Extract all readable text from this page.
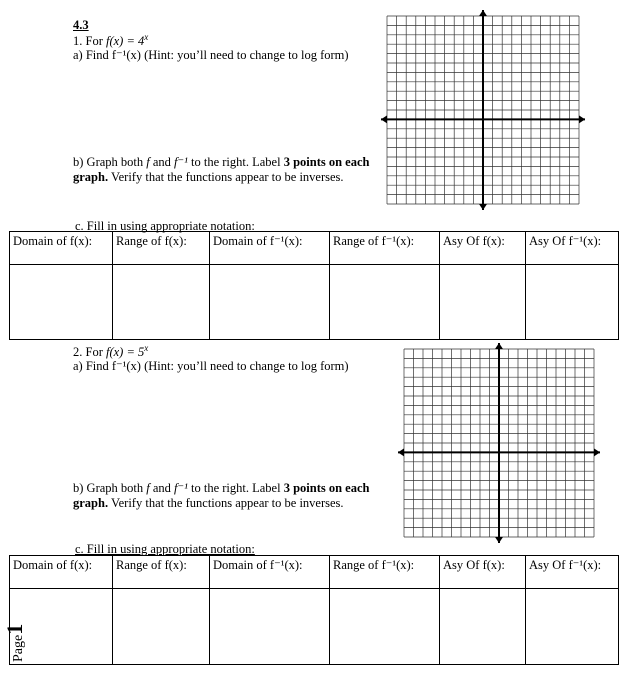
4.3
1. For $f(x) = 4^x$
a) Find f⁻¹(x) (Hint: you’ll need to change to log form)
b) Graph both f and f⁻¹ to the right. Label 3 points on each graph. Verify that the functions appear to be inverses.
c. Fill in using appropriate notation:
Domain of f(x):	Range of f(x):	Domain of f⁻¹(x):	Range of f⁻¹(x):	Asy Of f(x):	Asy Of f⁻¹(x):

2. For $f(x) = 5^x$
a) Find f⁻¹(x) (Hint: you’ll need to change to log form)
b) Graph both f and f⁻¹ to the right. Label 3 points on each graph. Verify that the functions appear to be inverses.
c. Fill in using appropriate notation:
Domain of f(x):	Range of f(x):	Domain of f⁻¹(x):	Range of f⁻¹(x):	Asy Of f(x):	Asy Of f⁻¹(x):

Page1
